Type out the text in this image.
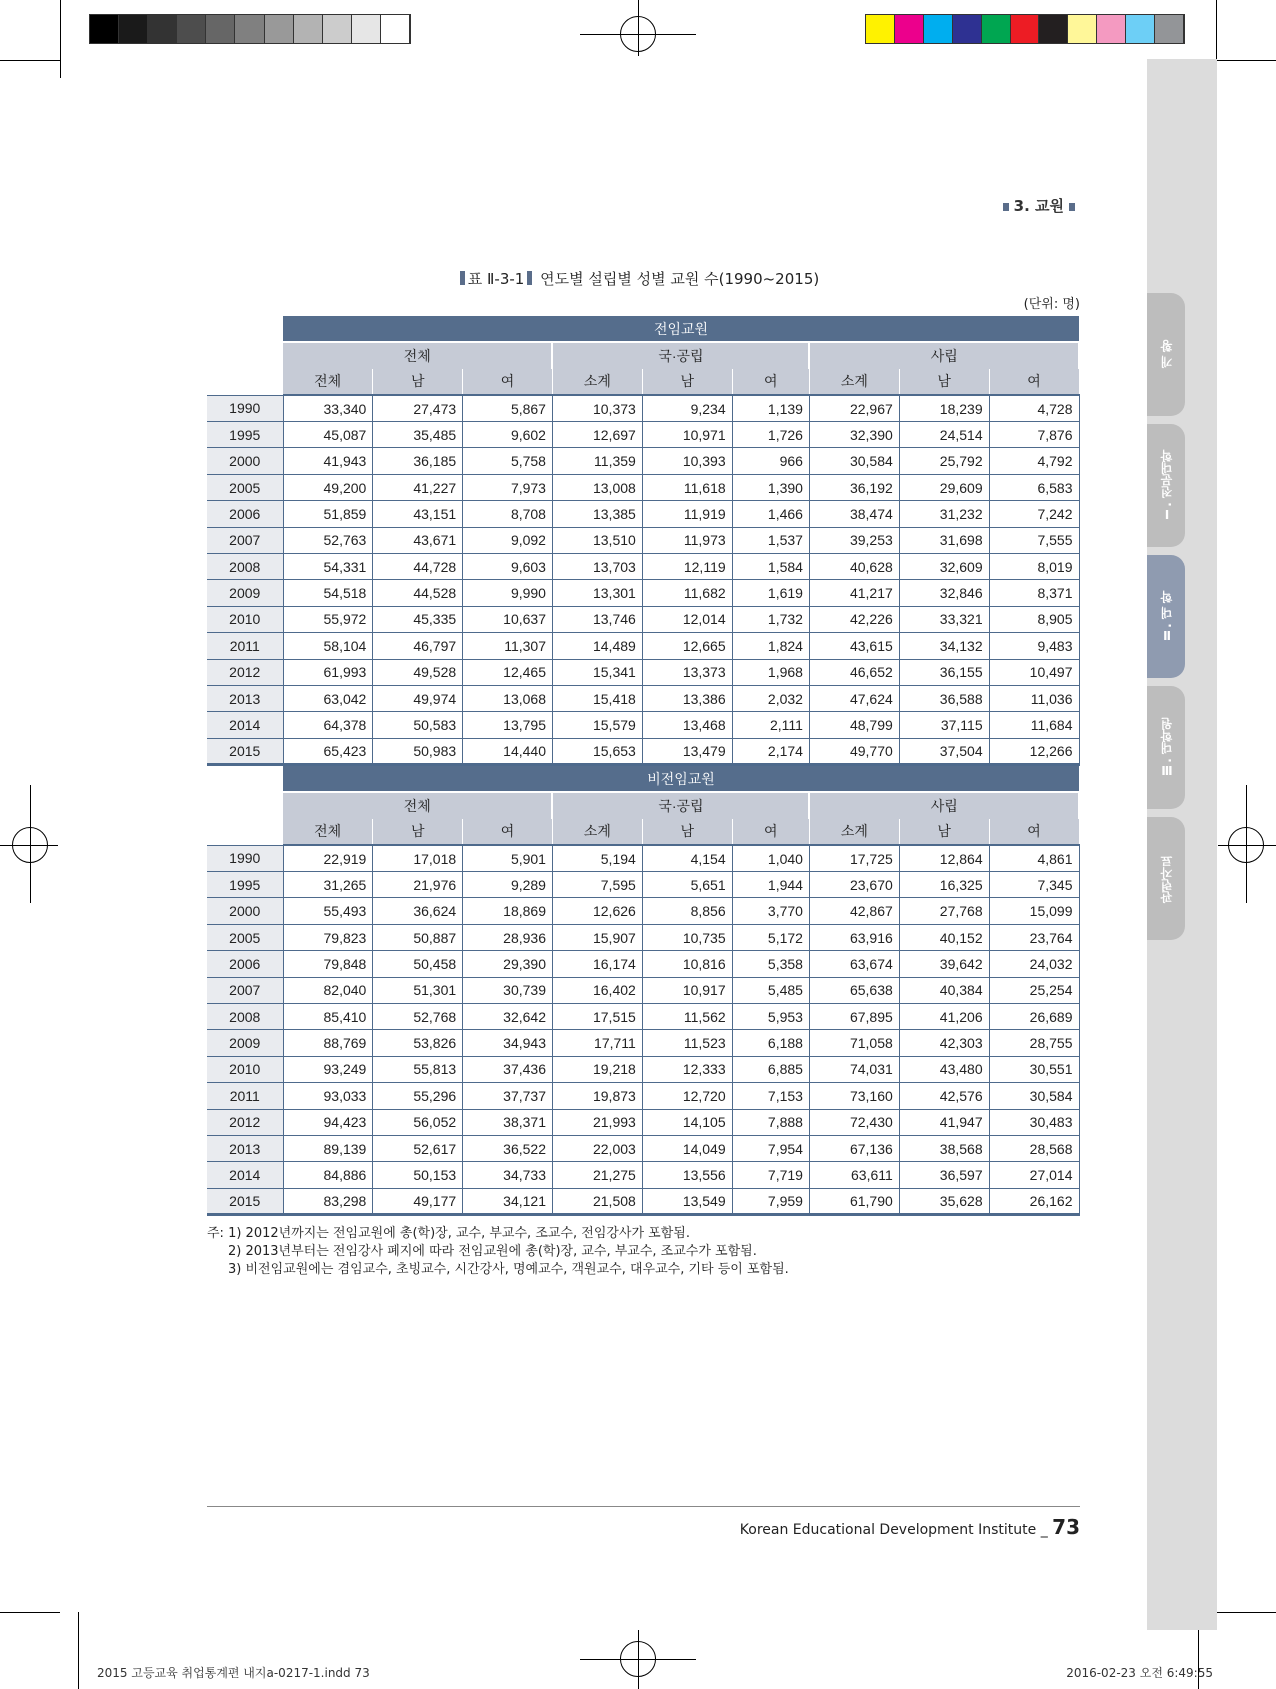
개 황
Ⅰ. 전문대학
Ⅱ. 대 학
Ⅲ. 대학원
관련자료
3. 교원
표 Ⅱ-3-1 연도별 설립별 성별 교원 수(1990~2015)
(단위: 명)
	전임교원								
	전체			국·공립			사립		
	전체	남	여	소계	남	여	소계	남	여
1990	33,340	27,473	5,867	10,373	9,234	1,139	22,967	18,239	4,728
1995	45,087	35,485	9,602	12,697	10,971	1,726	32,390	24,514	7,876
2000	41,943	36,185	5,758	11,359	10,393	966	30,584	25,792	4,792
2005	49,200	41,227	7,973	13,008	11,618	1,390	36,192	29,609	6,583
2006	51,859	43,151	8,708	13,385	11,919	1,466	38,474	31,232	7,242
2007	52,763	43,671	9,092	13,510	11,973	1,537	39,253	31,698	7,555
2008	54,331	44,728	9,603	13,703	12,119	1,584	40,628	32,609	8,019
2009	54,518	44,528	9,990	13,301	11,682	1,619	41,217	32,846	8,371
2010	55,972	45,335	10,637	13,746	12,014	1,732	42,226	33,321	8,905
2011	58,104	46,797	11,307	14,489	12,665	1,824	43,615	34,132	9,483
2012	61,993	49,528	12,465	15,341	13,373	1,968	46,652	36,155	10,497
2013	63,042	49,974	13,068	15,418	13,386	2,032	47,624	36,588	11,036
2014	64,378	50,583	13,795	15,579	13,468	2,111	48,799	37,115	11,684
2015	65,423	50,983	14,440	15,653	13,479	2,174	49,770	37,504	12,266
	비전임교원								
	전체			국·공립			사립		
	전체	남	여	소계	남	여	소계	남	여
1990	22,919	17,018	5,901	5,194	4,154	1,040	17,725	12,864	4,861
1995	31,265	21,976	9,289	7,595	5,651	1,944	23,670	16,325	7,345
2000	55,493	36,624	18,869	12,626	8,856	3,770	42,867	27,768	15,099
2005	79,823	50,887	28,936	15,907	10,735	5,172	63,916	40,152	23,764
2006	79,848	50,458	29,390	16,174	10,816	5,358	63,674	39,642	24,032
2007	82,040	51,301	30,739	16,402	10,917	5,485	65,638	40,384	25,254
2008	85,410	52,768	32,642	17,515	11,562	5,953	67,895	41,206	26,689
2009	88,769	53,826	34,943	17,711	11,523	6,188	71,058	42,303	28,755
2010	93,249	55,813	37,436	19,218	12,333	6,885	74,031	43,480	30,551
2011	93,033	55,296	37,737	19,873	12,720	7,153	73,160	42,576	30,584
2012	94,423	56,052	38,371	21,993	14,105	7,888	72,430	41,947	30,483
2013	89,139	52,617	36,522	22,003	14,049	7,954	67,136	38,568	28,568
2014	84,886	50,153	34,733	21,275	13,556	7,719	63,611	36,597	27,014
2015	83,298	49,177	34,121	21,508	13,549	7,959	61,790	35,628	26,162
주: 1) 2012년까지는 전임교원에 총(학)장, 교수, 부교수, 조교수, 전임강사가 포함됨.
2) 2013년부터는 전임강사 폐지에 따라 전임교원에 총(학)장, 교수, 부교수, 조교수가 포함됨.
3) 비전임교원에는 겸임교수, 초빙교수, 시간강사, 명예교수, 객원교수, 대우교수, 기타 등이 포함됨.
Korean Educational Development Institute _ 73
2015 고등교육 취업통계편 내지a-0217-1.indd 73	2016-02-23 오전 6:49:55
